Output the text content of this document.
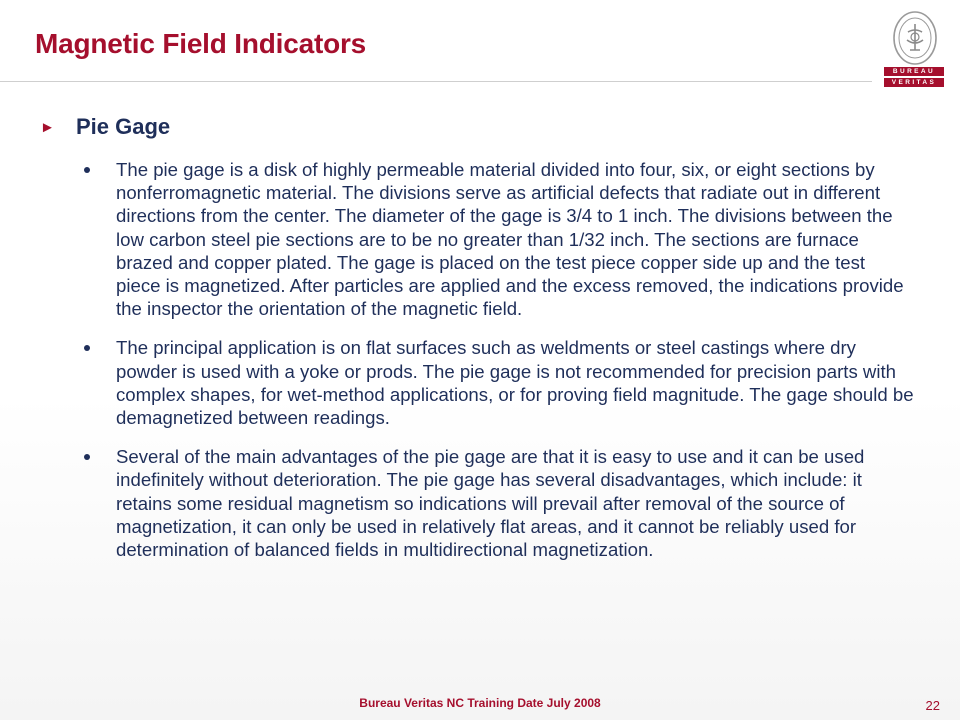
Magnetic Field Indicators
BUREAU
VERITAS
► Pie Gage
The pie gage is a disk of highly permeable material divided into four, six, or eight sections by nonferromagnetic material. The divisions serve as artificial defects that radiate out in different directions from the center. The diameter of the gage is 3/4 to 1 inch. The divisions between the low carbon steel pie sections are to be no greater than 1/32 inch. The sections are furnace brazed and copper plated. The gage is placed on the test piece copper side up and the test piece is magnetized. After particles are applied and the excess removed, the indications provide the inspector the orientation of the magnetic field.
The principal application is on flat surfaces such as weldments or steel castings where dry powder is used with a yoke or prods. The pie gage is not recommended for precision parts with complex shapes, for wet-method applications, or for proving field magnitude. The gage should be demagnetized between readings.
Several of the main advantages of the pie gage are that it is easy to use and it can be used indefinitely without deterioration. The pie gage has several disadvantages, which include: it retains some residual magnetism so indications will prevail after removal of the source of magnetization, it can only be used in relatively flat areas, and it cannot be reliably used for determination of balanced fields in multidirectional magnetization.
Bureau Veritas NC Training Date July 2008	22
